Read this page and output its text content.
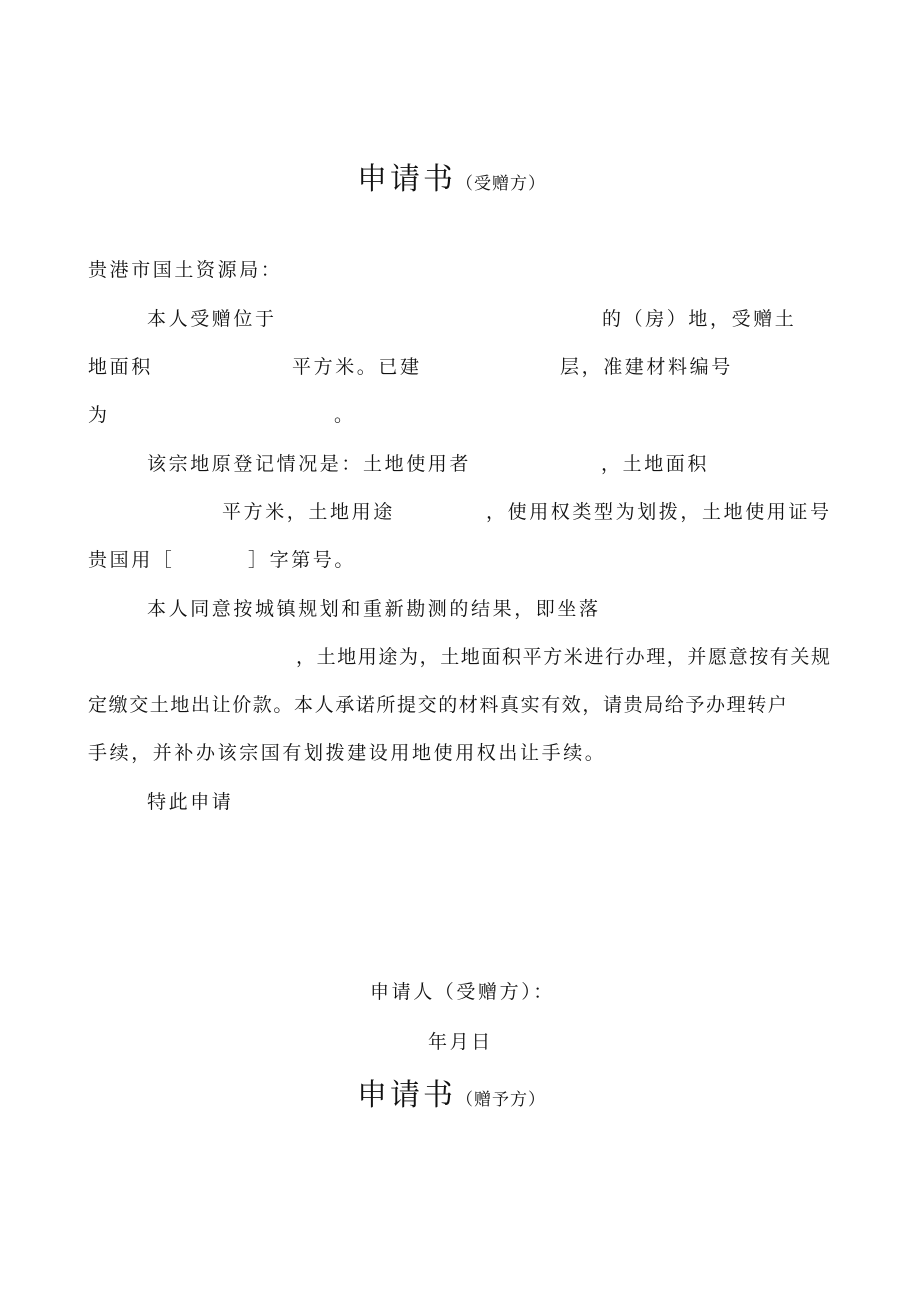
申请书（受赠方）
贵港市国土资源局：
本人受赠位于	的（房）地，受赠土
地面积	平方米。已建	层，准建材料编号
为	。
该宗地原登记情况是：土地使用者	，土地面积
平方米，土地用途	，使用权类型为划拨，土地使用证号
贵国用［	］字第号。
本人同意按城镇规划和重新勘测的结果，即坐落
，土地用途为，土地面积平方米进行办理，并愿意按有关规
定缴交土地出让价款。本人承诺所提交的材料真实有效，请贵局给予办理转户
手续，并补办该宗国有划拨建设用地使用权出让手续。
特此申请
申请人（受赠方）：
年月日
申请书（赠予方）
